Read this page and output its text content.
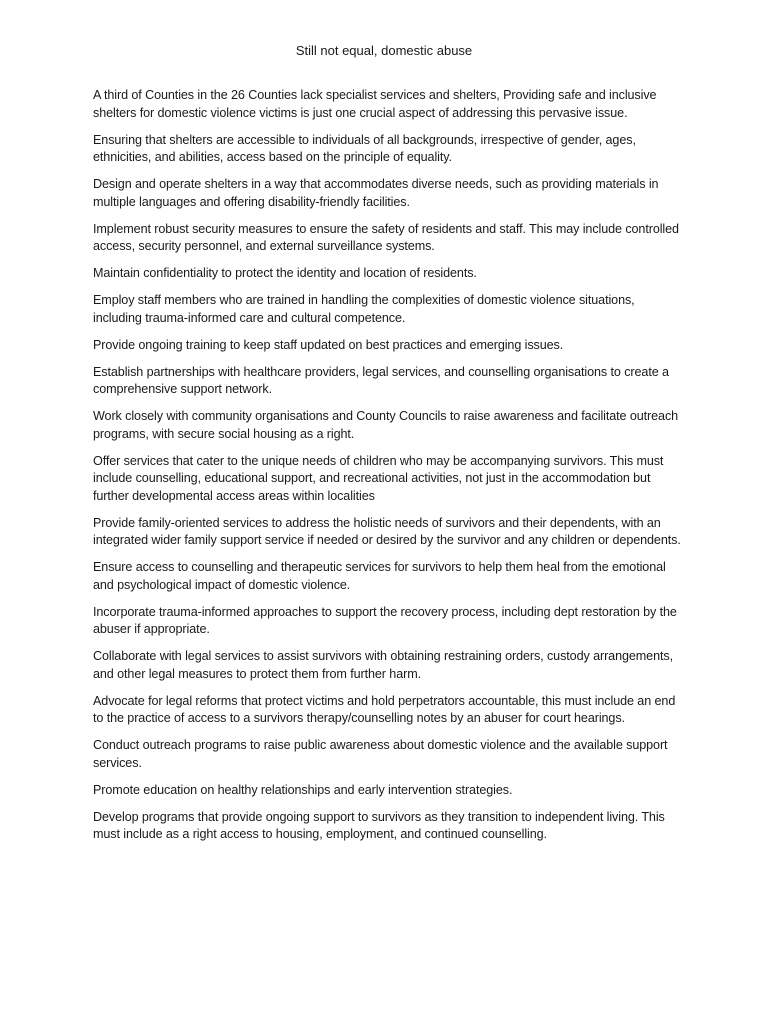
Still not equal, domestic abuse

A third of Counties in the 26 Counties lack specialist services and shelters, Providing safe and inclusive shelters for domestic violence victims is just one crucial aspect of addressing this pervasive issue.

Ensuring that shelters are accessible to individuals of all backgrounds, irrespective of gender, ages, ethnicities, and abilities, access based on the principle of equality.

Design and operate shelters in a way that accommodates diverse needs, such as providing materials in multiple languages and offering disability-friendly facilities.

Implement robust security measures to ensure the safety of residents and staff. This may include controlled access, security personnel, and external surveillance systems.

Maintain confidentiality to protect the identity and location of residents.

Employ staff members who are trained in handling the complexities of domestic violence situations, including trauma-informed care and cultural competence.

Provide ongoing training to keep staff updated on best practices and emerging issues.

Establish partnerships with healthcare providers, legal services, and counselling organisations to create a comprehensive support network.

Work closely with community organisations and County Councils to raise awareness and facilitate outreach programs, with secure social housing as a right.

Offer services that cater to the unique needs of children who may be accompanying survivors. This must include counselling, educational support, and recreational activities, not just in the accommodation but further developmental access areas within localities

Provide family-oriented services to address the holistic needs of survivors and their dependents, with an integrated wider family support service if needed or desired by the survivor and any children or dependents.

Ensure access to counselling and therapeutic services for survivors to help them heal from the emotional and psychological impact of domestic violence.

Incorporate trauma-informed approaches to support the recovery process, including dept restoration by the abuser if appropriate.

Collaborate with legal services to assist survivors with obtaining restraining orders, custody arrangements, and other legal measures to protect them from further harm.

Advocate for legal reforms that protect victims and hold perpetrators accountable, this must include an end to the practice of access to a survivors therapy/counselling notes by an abuser for court hearings.

Conduct outreach programs to raise public awareness about domestic violence and the available support services.

Promote education on healthy relationships and early intervention strategies.

Develop programs that provide ongoing support to survivors as they transition to independent living. This must include as a right access to housing, employment, and continued counselling.
